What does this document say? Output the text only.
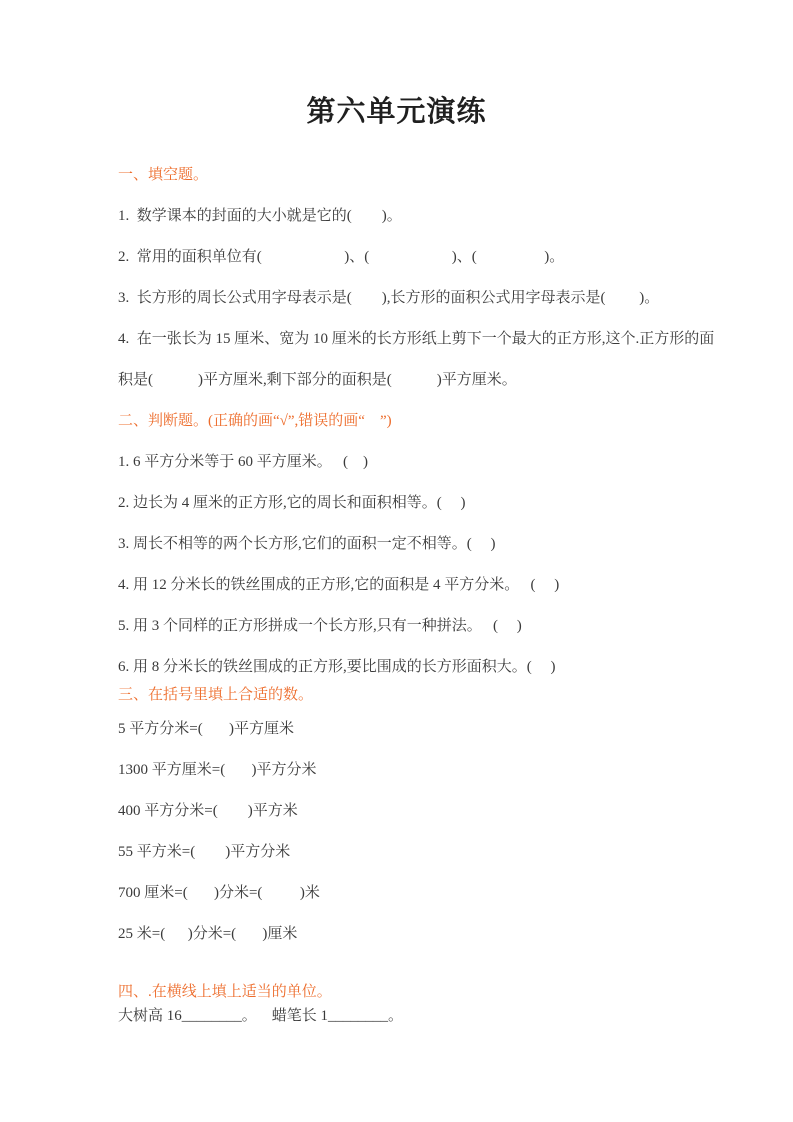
第六单元演练
一、填空题。
1.  数学课本的封面的大小就是它的(        )。
2.  常用的面积单位有(                      )、(                      )、(                  )。
3.  长方形的周长公式用字母表示是(        ),长方形的面积公式用字母表示是(         )。
4.  在一张长为 15 厘米、宽为 10 厘米的长方形纸上剪下一个最大的正方形,这个.正方形的面
积是(            )平方厘米,剩下部分的面积是(            )平方厘米。
二、判断题。(正确的画“√”,错误的画“    ”)
1. 6 平方分米等于 60 平方厘米。   (    )
2. 边长为 4 厘米的正方形,它的周长和面积相等。(     )
3. 周长不相等的两个长方形,它们的面积一定不相等。(     )
4. 用 12 分米长的铁丝围成的正方形,它的面积是 4 平方分米。   (     )
5. 用 3 个同样的正方形拼成一个长方形,只有一种拼法。   (     )
6. 用 8 分米长的铁丝围成的正方形,要比围成的长方形面积大。(     )
三、在括号里填上合适的数。
5 平方分米=(       )平方厘米
1300 平方厘米=(       )平方分米
400 平方分米=(        )平方米
55 平方米=(        )平方分米
700 厘米=(       )分米=(          )米
25 米=(      )分米=(       )厘米
四、.在横线上填上适当的单位。
大树高 16________。    蜡笔长 1________。
